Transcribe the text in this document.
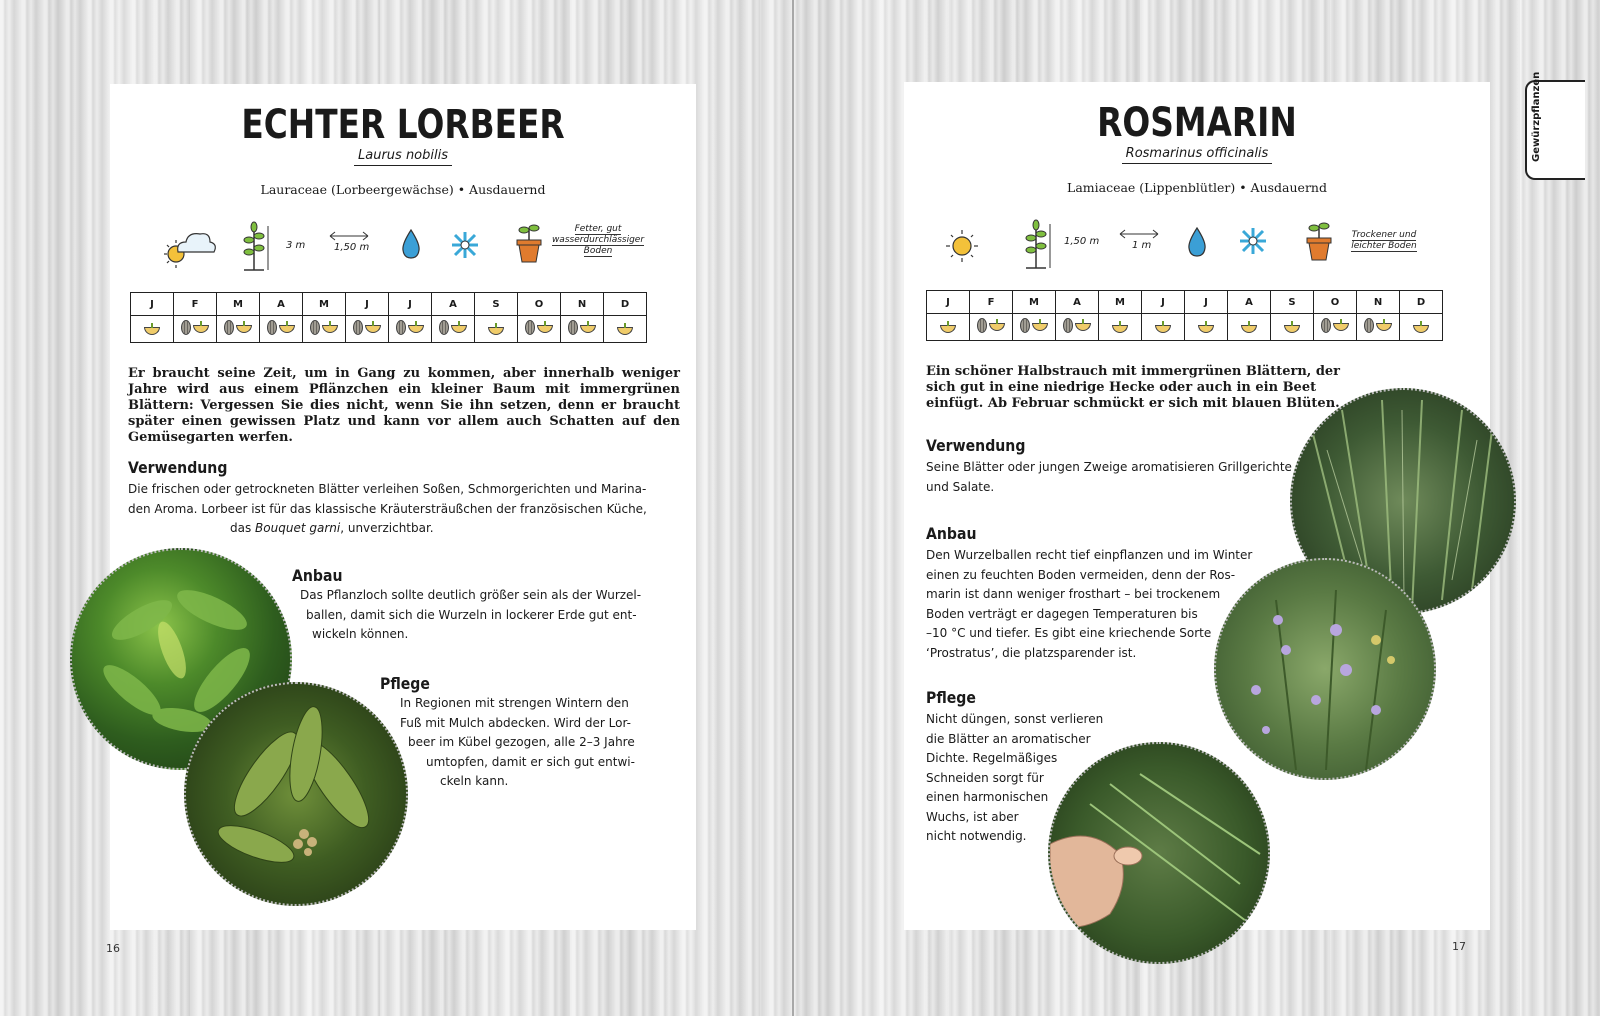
ECHTER LORBEER
Laurus nobilis
Lauraceae (Lorbeergewächse) • Ausdauernd
3 m	1,50 m
Fetter, gut wasserdurchlässiger Boden
J	F	M	A	M	J	J	A	S	O	N	D

Er braucht seine Zeit, um in Gang zu kommen, aber innerhalb weniger Jahre wird aus einem Pflänzchen ein kleiner Baum mit immergrünen Blättern: Vergessen Sie dies nicht, wenn Sie ihn setzen, denn er braucht später einen gewissen Platz und kann vor allem auch Schatten auf den Gemüsegarten werfen.
Verwendung
Die frischen oder getrockneten Blätter verleihen Soßen, Schmorgerichten und Marina-
den Aroma. Lorbeer ist für das klassische Kräutersträußchen der französischen Küche,
das Bouquet garni, unverzichtbar.
Anbau
Das Pflanzloch sollte deutlich größer sein als der Wurzel-
ballen, damit sich die Wurzeln in lockerer Erde gut ent-
wickeln können.
Pflege
In Regionen mit strengen Wintern den
Fuß mit Mulch abdecken. Wird der Lor-
beer im Kübel gezogen, alle 2–3 Jahre
umtopfen, damit er sich gut entwi-
ckeln kann.
16
ROSMARIN
Rosmarinus officinalis
Lamiaceae (Lippenblütler) • Ausdauernd
1,50 m	1 m
Trockener und leichter Boden
J	F	M	A	M	J	J	A	S	O	N	D

Ein schöner Halbstrauch mit immergrünen Blättern, der sich gut in eine niedrige Hecke oder auch in ein Beet einfügt. Ab Februar schmückt er sich mit blauen Blüten.
Verwendung
Seine Blätter oder jungen Zweige aromatisieren Grillgerichte
und Salate.
Anbau
Den Wurzelballen recht tief einpflanzen und im Winter
einen zu feuchten Boden vermeiden, denn der Ros-
marin ist dann weniger frosthart – bei trockenem
Boden verträgt er dagegen Temperaturen bis
–10 °C und tiefer. Es gibt eine kriechende Sorte
‘Prostratus’, die platzsparender ist.
Pflege
Nicht düngen, sonst verlieren
die Blätter an aromatischer
Dichte. Regelmäßiges
Schneiden sorgt für
einen harmonischen
Wuchs, ist aber
nicht notwendig.
17
Gewürzpflanzen
